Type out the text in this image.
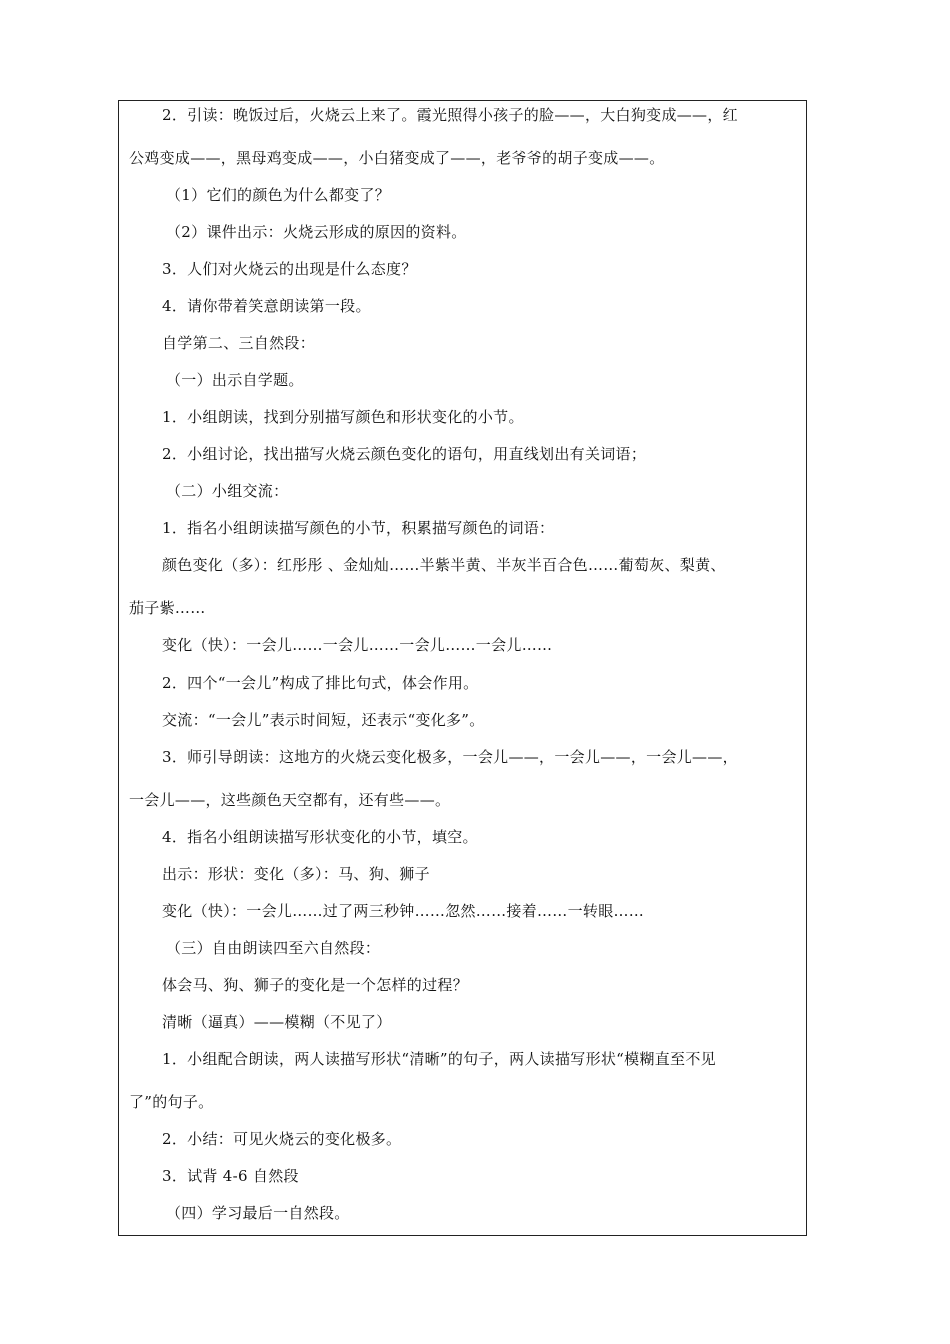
2．引读：晚饭过后，火烧云上来了。霞光照得小孩子的脸——，大白狗变成——，红
公鸡变成——，黑母鸡变成——，小白猪变成了——，老爷爷的胡子变成——。
（1）它们的颜色为什么都变了？
（2）课件出示：火烧云形成的原因的资料。
3．人们对火烧云的出现是什么态度？
4．请你带着笑意朗读第一段。
自学第二、三自然段：
（一）出示自学题。
1．小组朗读，找到分别描写颜色和形状变化的小节。
2．小组讨论，找出描写火烧云颜色变化的语句，用直线划出有关词语；
（二）小组交流：
1．指名小组朗读描写颜色的小节，积累描写颜色的词语：
颜色变化（多）：红彤彤 、金灿灿……半紫半黄、半灰半百合色……葡萄灰、梨黄、
茄子紫……
变化（快）：一会儿……一会儿……一会儿……一会儿……
2．四个“一会儿”构成了排比句式，体会作用。
交流：“一会儿”表示时间短，还表示“变化多”。
3．师引导朗读：这地方的火烧云变化极多，一会儿——，一会儿——，一会儿——，
一会儿——，这些颜色天空都有，还有些——。
4．指名小组朗读描写形状变化的小节，填空。
出示：形状：变化（多）：马、狗、狮子
变化（快）：一会儿……过了两三秒钟……忽然……接着……一转眼……
（三）自由朗读四至六自然段：
体会马、狗、狮子的变化是一个怎样的过程？
清晰（逼真）——模糊（不见了）
1．小组配合朗读，两人读描写形状“清晰”的句子，两人读描写形状“模糊直至不见
了”的句子。
2．小结：可见火烧云的变化极多。
3．试背 4-6 自然段
（四）学习最后一自然段。
